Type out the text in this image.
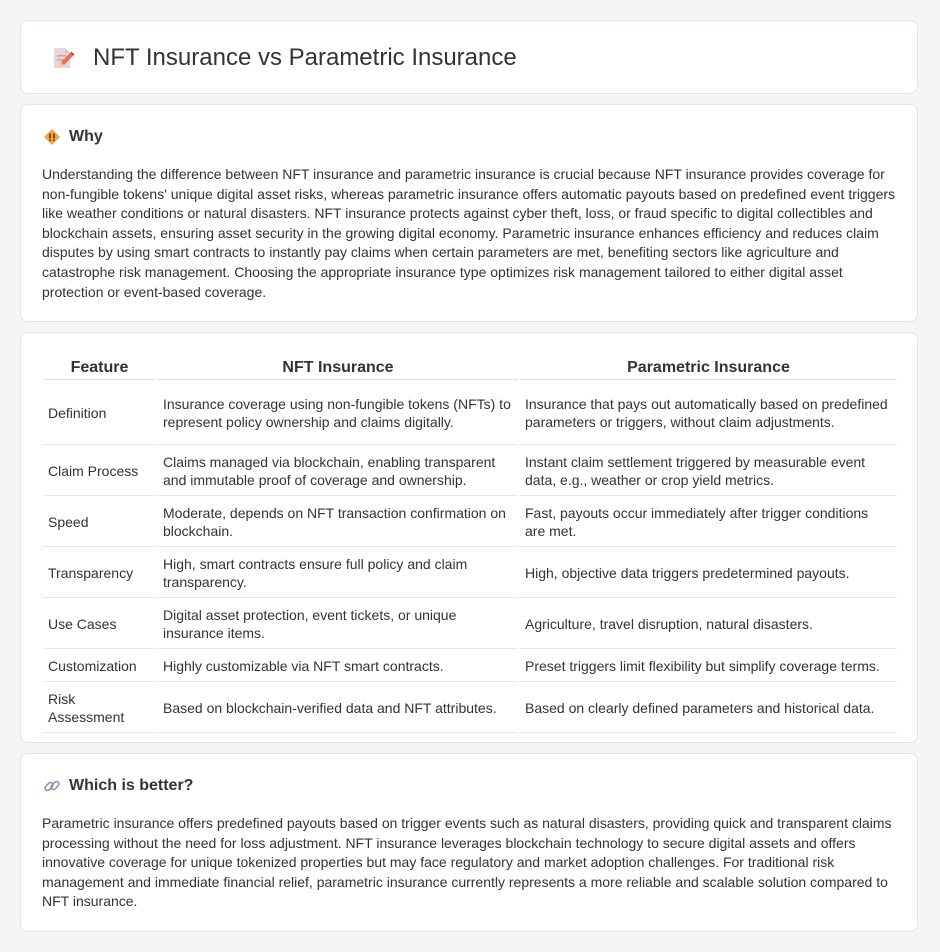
NFT Insurance vs Parametric Insurance
Why

Understanding the difference between NFT insurance and parametric insurance is crucial because NFT insurance provides coverage for non-fungible tokens' unique digital asset risks, whereas parametric insurance offers automatic payouts based on predefined event triggers like weather conditions or natural disasters. NFT insurance protects against cyber theft, loss, or fraud specific to digital collectibles and blockchain assets, ensuring asset security in the growing digital economy. Parametric insurance enhances efficiency and reduces claim disputes by using smart contracts to instantly pay claims when certain parameters are met, benefiting sectors like agriculture and catastrophe risk management. Choosing the appropriate insurance type optimizes risk management tailored to either digital asset protection or event-based coverage.

Feature	NFT Insurance	Parametric Insurance
Definition	Insurance coverage using non-fungible tokens (NFTs) to represent policy ownership and claims digitally.	Insurance that pays out automatically based on predefined parameters or triggers, without claim adjustments.
Claim Process	Claims managed via blockchain, enabling transparent and immutable proof of coverage and ownership.	Instant claim settlement triggered by measurable event data, e.g., weather or crop yield metrics.
Speed	Moderate, depends on NFT transaction confirmation on blockchain.	Fast, payouts occur immediately after trigger conditions are met.
Transparency	High, smart contracts ensure full policy and claim transparency.	High, objective data triggers predetermined payouts.
Use Cases	Digital asset protection, event tickets, or unique insurance items.	Agriculture, travel disruption, natural disasters.
Customization	Highly customizable via NFT smart contracts.	Preset triggers limit flexibility but simplify coverage terms.
Risk Assessment	Based on blockchain-verified data and NFT attributes.	Based on clearly defined parameters and historical data.
Which is better?

Parametric insurance offers predefined payouts based on trigger events such as natural disasters, providing quick and transparent claims processing without the need for loss adjustment. NFT insurance leverages blockchain technology to secure digital assets and offers innovative coverage for unique tokenized properties but may face regulatory and market adoption challenges. For traditional risk management and immediate financial relief, parametric insurance currently represents a more reliable and scalable solution compared to NFT insurance.
